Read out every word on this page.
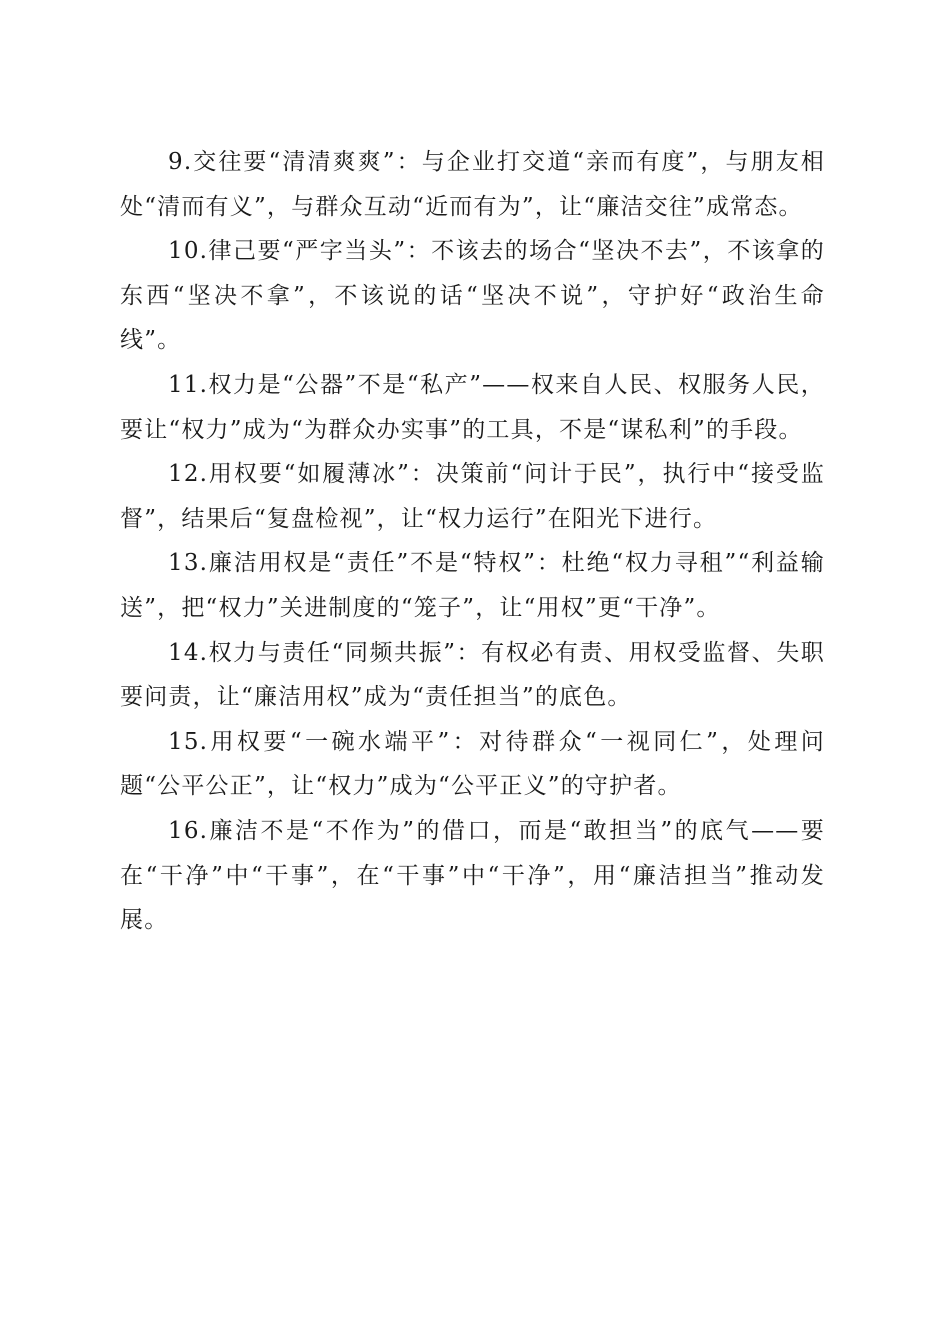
9.交往要“清清爽爽”：与企业打交道“亲而有度”，与朋友相处“清而有义”，与群众互动“近而有为”，让“廉洁交往”成常态。

10.律己要“严字当头”：不该去的场合“坚决不去”，不该拿的东西“坚决不拿”，不该说的话“坚决不说”，守护好“政治生命线”。

11.权力是“公器”不是“私产”——权来自人民、权服务人民，要让“权力”成为“为群众办实事”的工具，不是“谋私利”的手段。

12.用权要“如履薄冰”：决策前“问计于民”，执行中“接受监督”，结果后“复盘检视”，让“权力运行”在阳光下进行。

13.廉洁用权是“责任”不是“特权”：杜绝“权力寻租”“利益输送”，把“权力”关进制度的“笼子”，让“用权”更“干净”。

14.权力与责任“同频共振”：有权必有责、用权受监督、失职要问责，让“廉洁用权”成为“责任担当”的底色。

15.用权要“一碗水端平”：对待群众“一视同仁”，处理问题“公平公正”，让“权力”成为“公平正义”的守护者。

16.廉洁不是“不作为”的借口，而是“敢担当”的底气——要在“干净”中“干事”，在“干事”中“干净”，用“廉洁担当”推动发展。
